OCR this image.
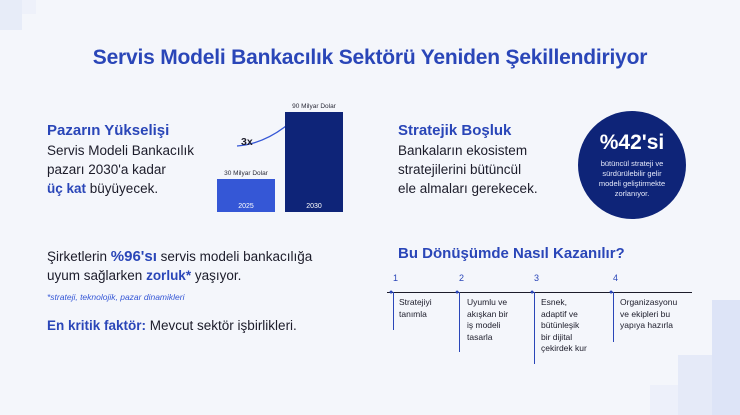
Servis Modeli Bankacılık Sektörü Yeniden Şekillendiriyor
Pazarın Yükselişi
Servis Modeli Bankacılık
pazarı 2030'a kadar
üç kat büyüyecek.
3x
2025	2030
30 Milyar Dolar
90 Milyar Dolar
Stratejik Boşluk
Bankaların ekosistem
stratejilerini bütüncül
ele almaları gerekecek.
%42'si
bütüncül strateji ve sürdürülebilir gelir modeli geliştirmekte zorlanıyor.
Şirketlerin %96'sı servis modeli bankacılığa
uyum sağlarken zorluk* yaşıyor.
*strateji, teknolojik, pazar dinamikleri
En kritik faktör: Mevcut sektör işbirlikleri.
Bu Dönüşümde Nasıl Kazanılır?
1
●
Stratejiyi
tanımla
2
●
Uyumlu ve
akışkan bir
iş modeli
tasarla
3
●
Esnek,
adaptif ve
bütünleşik
bir dijital
çekirdek kur
4
●
Organizasyonu
ve ekipleri bu
yapıya hazırla
